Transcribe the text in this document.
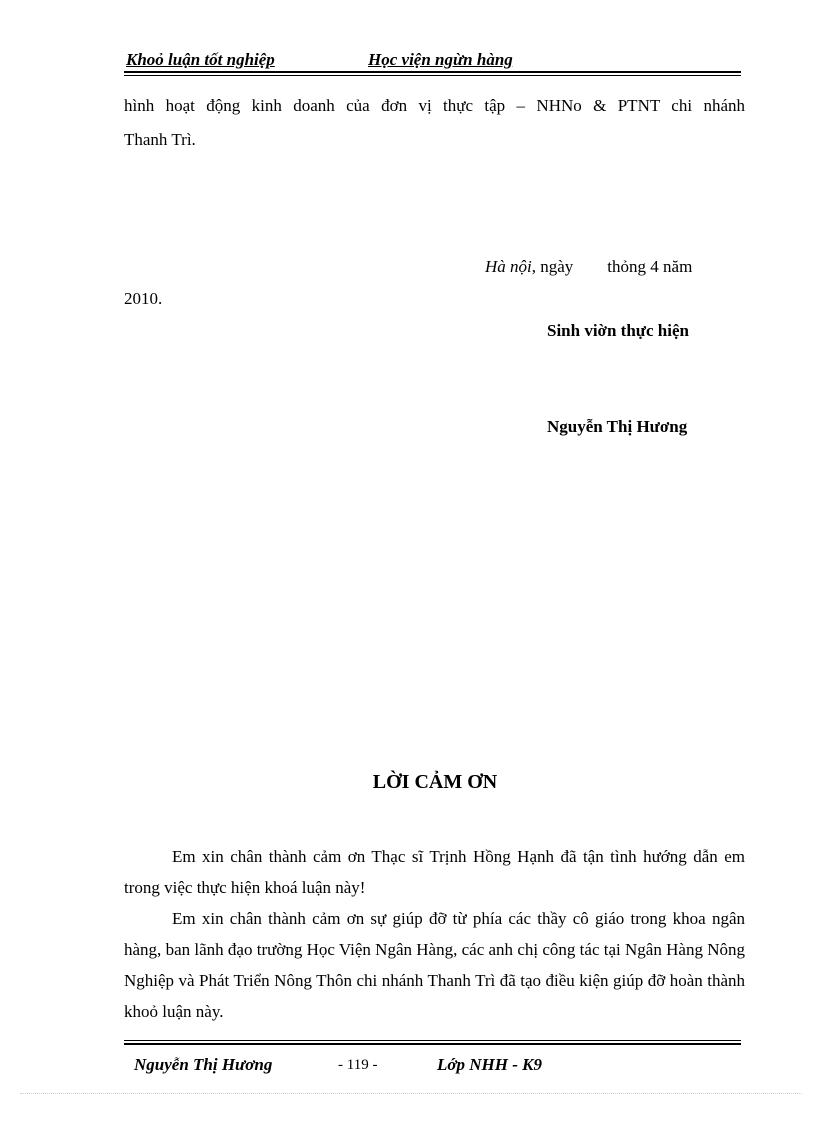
Khoỏ luận tốt nghiệp	Học viện ngừn hàng
hình hoạt động kinh doanh của đơn vị thực tập – NHNo & PTNT chi nhánh
Thanh Trì.
Hà nội, ngày        thỏng 4 năm
2010.
Sinh viờn thực hiện
Nguyễn Thị Hương
LỜI CẢM ƠN
Em xin chân thành cảm ơn Thạc sĩ Trịnh Hồng Hạnh đã tận tình hướng dẫn em trong việc thực hiện khoá luận này!
Em xin chân thành cảm ơn sự giúp đỡ từ phía các thầy cô giáo trong khoa ngân hàng, ban lãnh đạo trường Học Viện Ngân Hàng, các anh chị công tác tại Ngân Hàng Nông Nghiệp và Phát Triển Nông Thôn chi nhánh Thanh Trì đã tạo điều kiện giúp đỡ hoàn thành khoỏ luận này.
Nguyễn Thị Hương	- 119 -	Lớp NHH - K9
